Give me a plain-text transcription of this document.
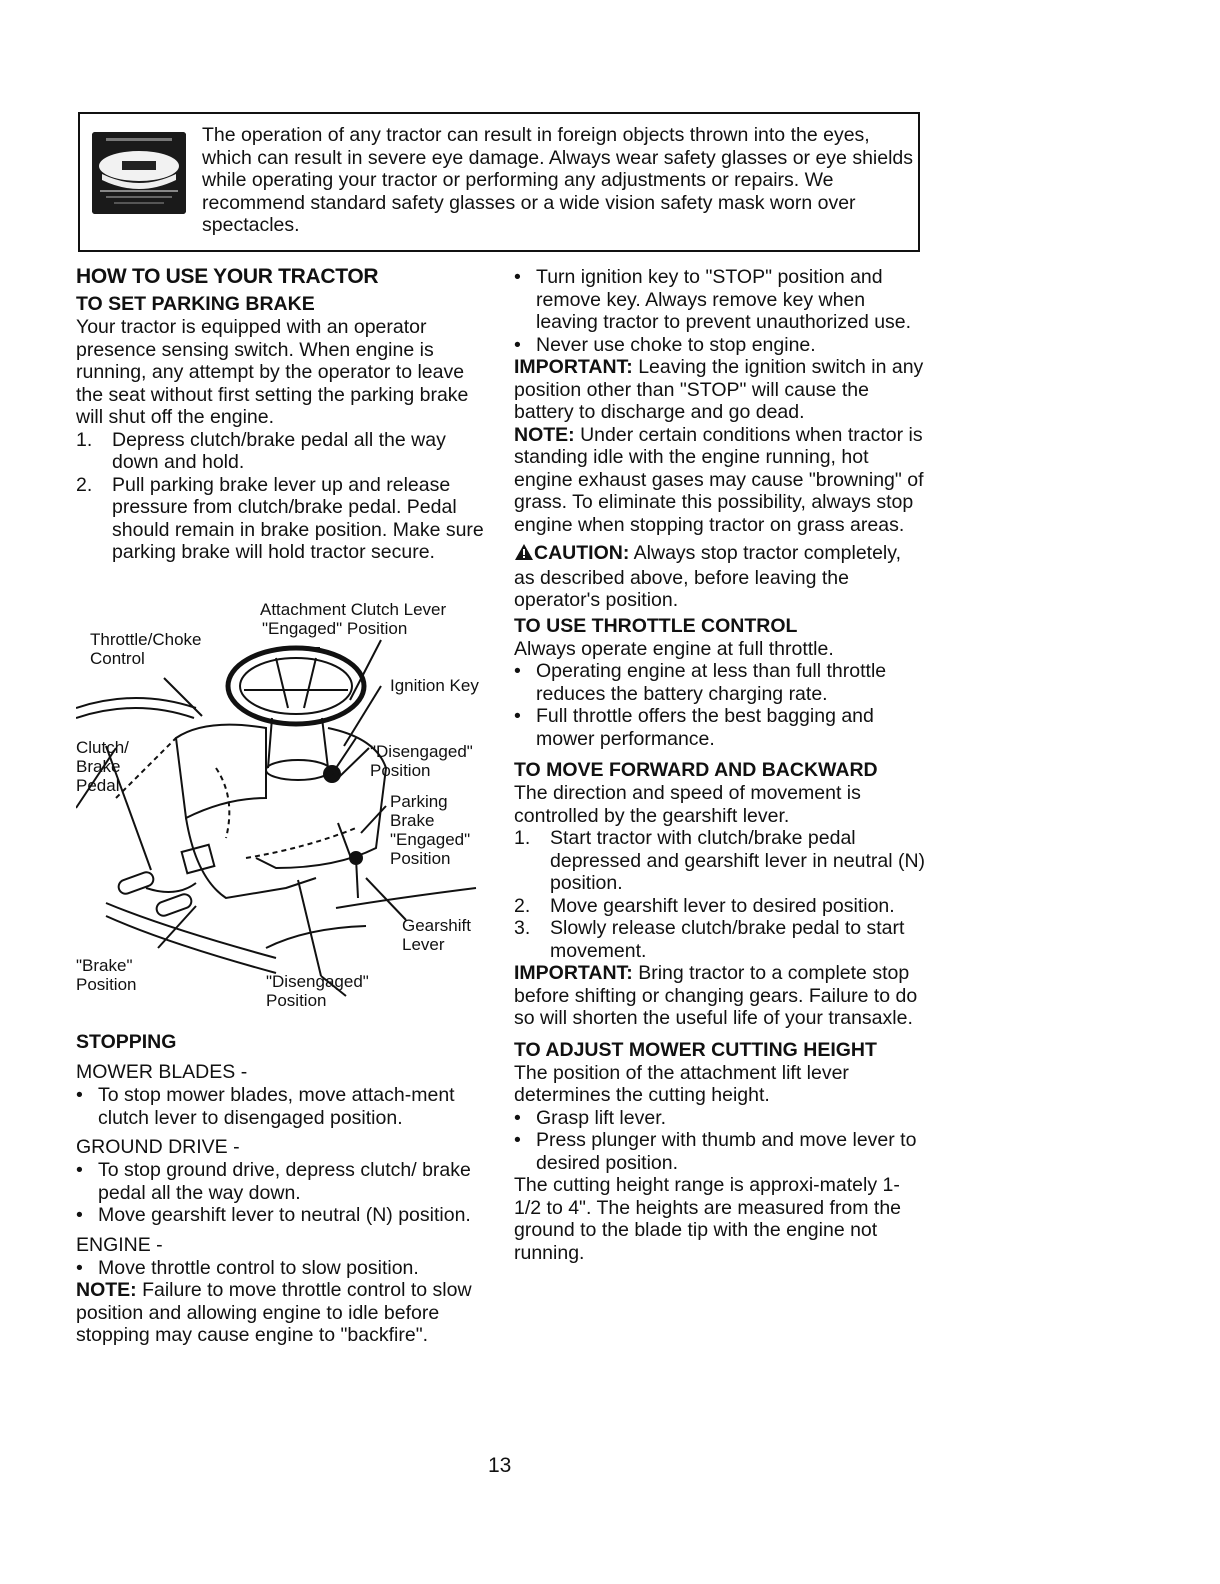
The operation of any tractor can result in foreign objects thrown into the eyes, which can result in severe eye damage. Always wear safety glasses or eye shields while operating your tractor or performing any adjustments or repairs. We recommend standard safety glasses or a wide vision safety mask worn over spectacles.

HOW TO USE YOUR TRACTOR

TO SET PARKING BRAKE

Your tractor is equipped with an operator presence sensing switch. When engine is running, any attempt by the operator to leave the seat without first setting the parking brake will shut off the engine.

1. Depress clutch/brake pedal all the way down and hold.
2. Pull parking brake lever up and release pressure from clutch/brake pedal. Pedal should remain in brake position. Make sure parking brake will hold tractor secure.
Attachment Clutch Lever
"Engaged" Position
Throttle/Choke
Control
Ignition Key
Clutch/
Brake
Pedal
"Disengaged"
Position
Parking
Brake
"Engaged"
Position
Gearshift
Lever
"Brake"
Position	"Disengaged"
Position

STOPPING

MOWER BLADES -

• To stop mower blades, move attach-ment clutch lever to disengaged position.

GROUND DRIVE -

• To stop ground drive, depress clutch/ brake pedal all the way down.
• Move gearshift lever to neutral (N) position.

ENGINE -

• Move throttle control to slow position.

NOTE: Failure to move throttle control to slow position and allowing engine to idle before stopping may cause engine to "backfire".

• Turn ignition key to "STOP" position and remove key. Always remove key when leaving tractor to prevent unauthorized use.
• Never use choke to stop engine.

IMPORTANT: Leaving the ignition switch in any position other than "STOP" will cause the battery to discharge and go dead.

NOTE: Under certain conditions when tractor is standing idle with the engine running, hot engine exhaust gases may cause "browning" of grass. To eliminate this possibility, always stop engine when stopping tractor on grass areas.

CAUTION: Always stop tractor completely, as described above, before leaving the operator's position.

TO USE THROTTLE CONTROL

Always operate engine at full throttle.

• Operating engine at less than full throttle reduces the battery charging rate.
• Full throttle offers the best bagging and mower performance.

TO MOVE FORWARD AND BACKWARD

The direction and speed of movement is controlled by the gearshift lever.

1. Start tractor with clutch/brake pedal depressed and gearshift lever in neutral (N) position.
2. Move gearshift lever to desired position.
3. Slowly release clutch/brake pedal to start movement.

IMPORTANT: Bring tractor to a complete stop before shifting or changing gears. Failure to do so will shorten the useful life of your transaxle.

TO ADJUST MOWER CUTTING HEIGHT

The position of the attachment lift lever determines the cutting height.

• Grasp lift lever.
• Press plunger with thumb and move lever to desired position.

The cutting height range is approxi-mately 1-1/2 to 4". The heights are measured from the ground to the blade tip with the engine not running.

13
